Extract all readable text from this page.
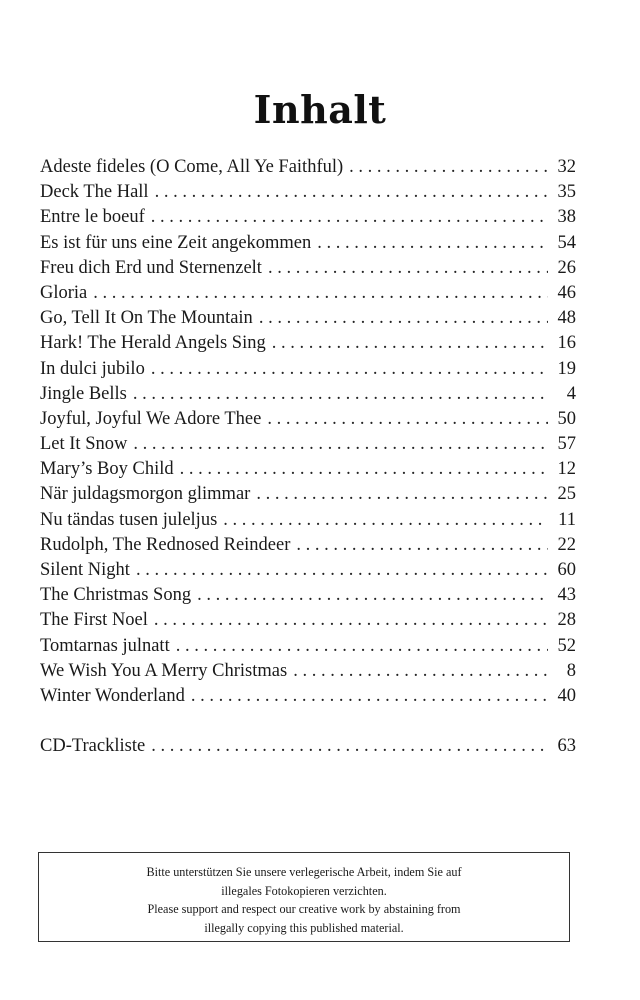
Inhalt
Adeste fideles (O Come, All Ye Faithful) . . .	32
Deck The Hall . . .	35
Entre le boeuf . . .	38
Es ist für uns eine Zeit angekommen . . .	54
Freu dich Erd und Sternenzelt . . .	26
Gloria . . .	46
Go, Tell It On The Mountain . . .	48
Hark! The Herald Angels Sing . . .	16
In dulci jubilo . . .	19
Jingle Bells . . .	4
Joyful, Joyful We Adore Thee . . .	50
Let It Snow . . .	57
Mary’s Boy Child . . .	12
När juldagsmorgon glimmar . . .	25
Nu tändas tusen juleljus . . .	11
Rudolph, The Rednosed Reindeer . . .	22
Silent Night . . .	60
The Christmas Song . . .	43
The First Noel . . .	28
Tomtarnas julnatt . . .	52
We Wish You A Merry Christmas . . .	8
Winter Wonderland . . .	40
CD-Trackliste . . .	63

Bitte unterstützen Sie unsere verlegerische Arbeit, indem Sie auf

illegales Fotokopieren verzichten.

Please support and respect our creative work by abstaining from

illegally copying this published material.
